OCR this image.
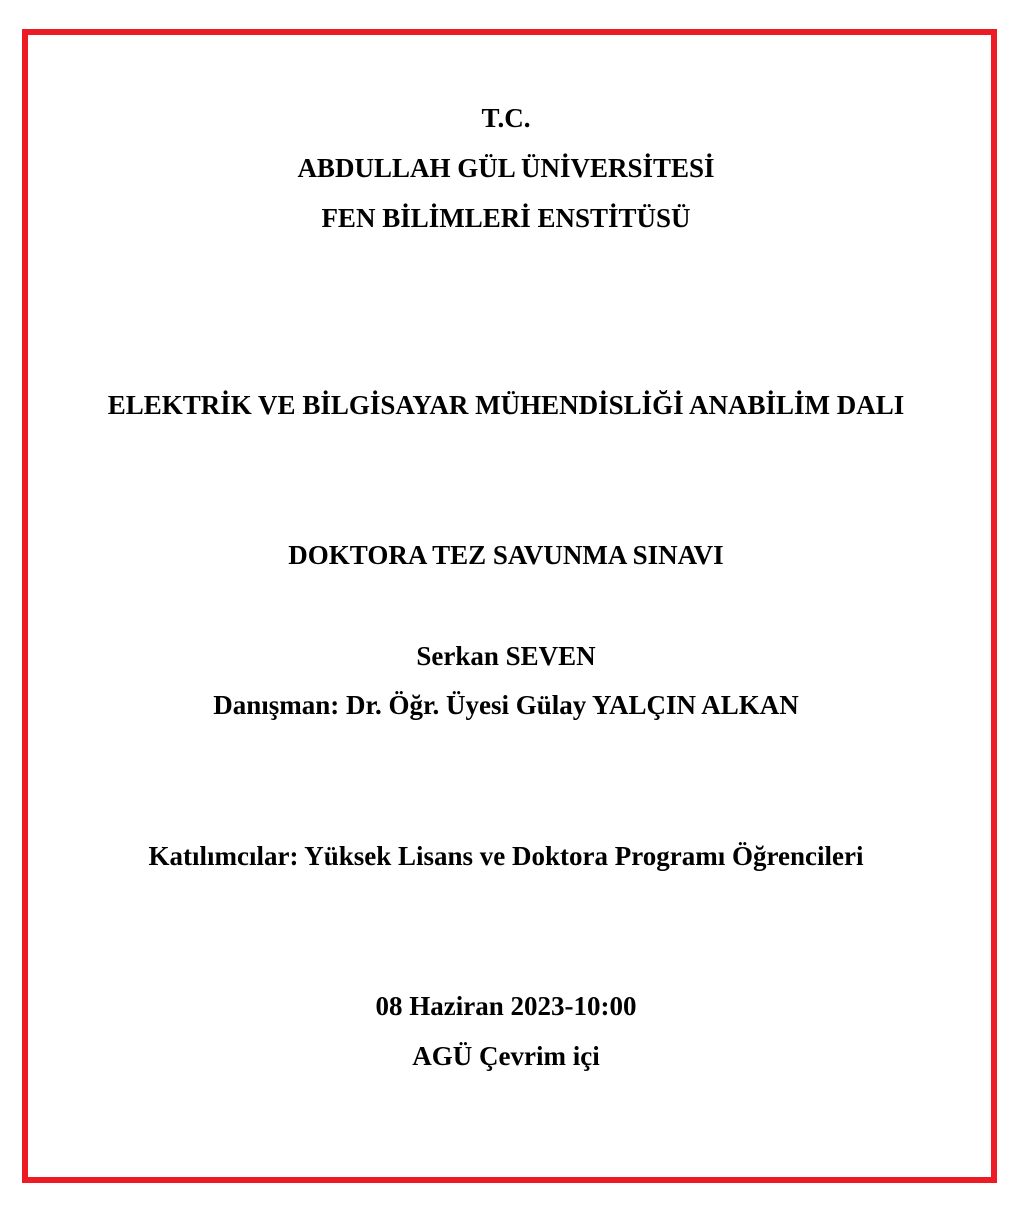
T.C.
ABDULLAH GÜL ÜNİVERSİTESİ
FEN BİLİMLERİ ENSTİTÜSÜ
ELEKTRİK VE BİLGİSAYAR MÜHENDİSLİĞİ ANABİLİM DALI
DOKTORA TEZ SAVUNMA SINAVI
Serkan SEVEN
Danışman: Dr. Öğr. Üyesi Gülay YALÇIN ALKAN
Katılımcılar: Yüksek Lisans ve Doktora Programı Öğrencileri
08 Haziran 2023-10:00
AGÜ Çevrim içi
